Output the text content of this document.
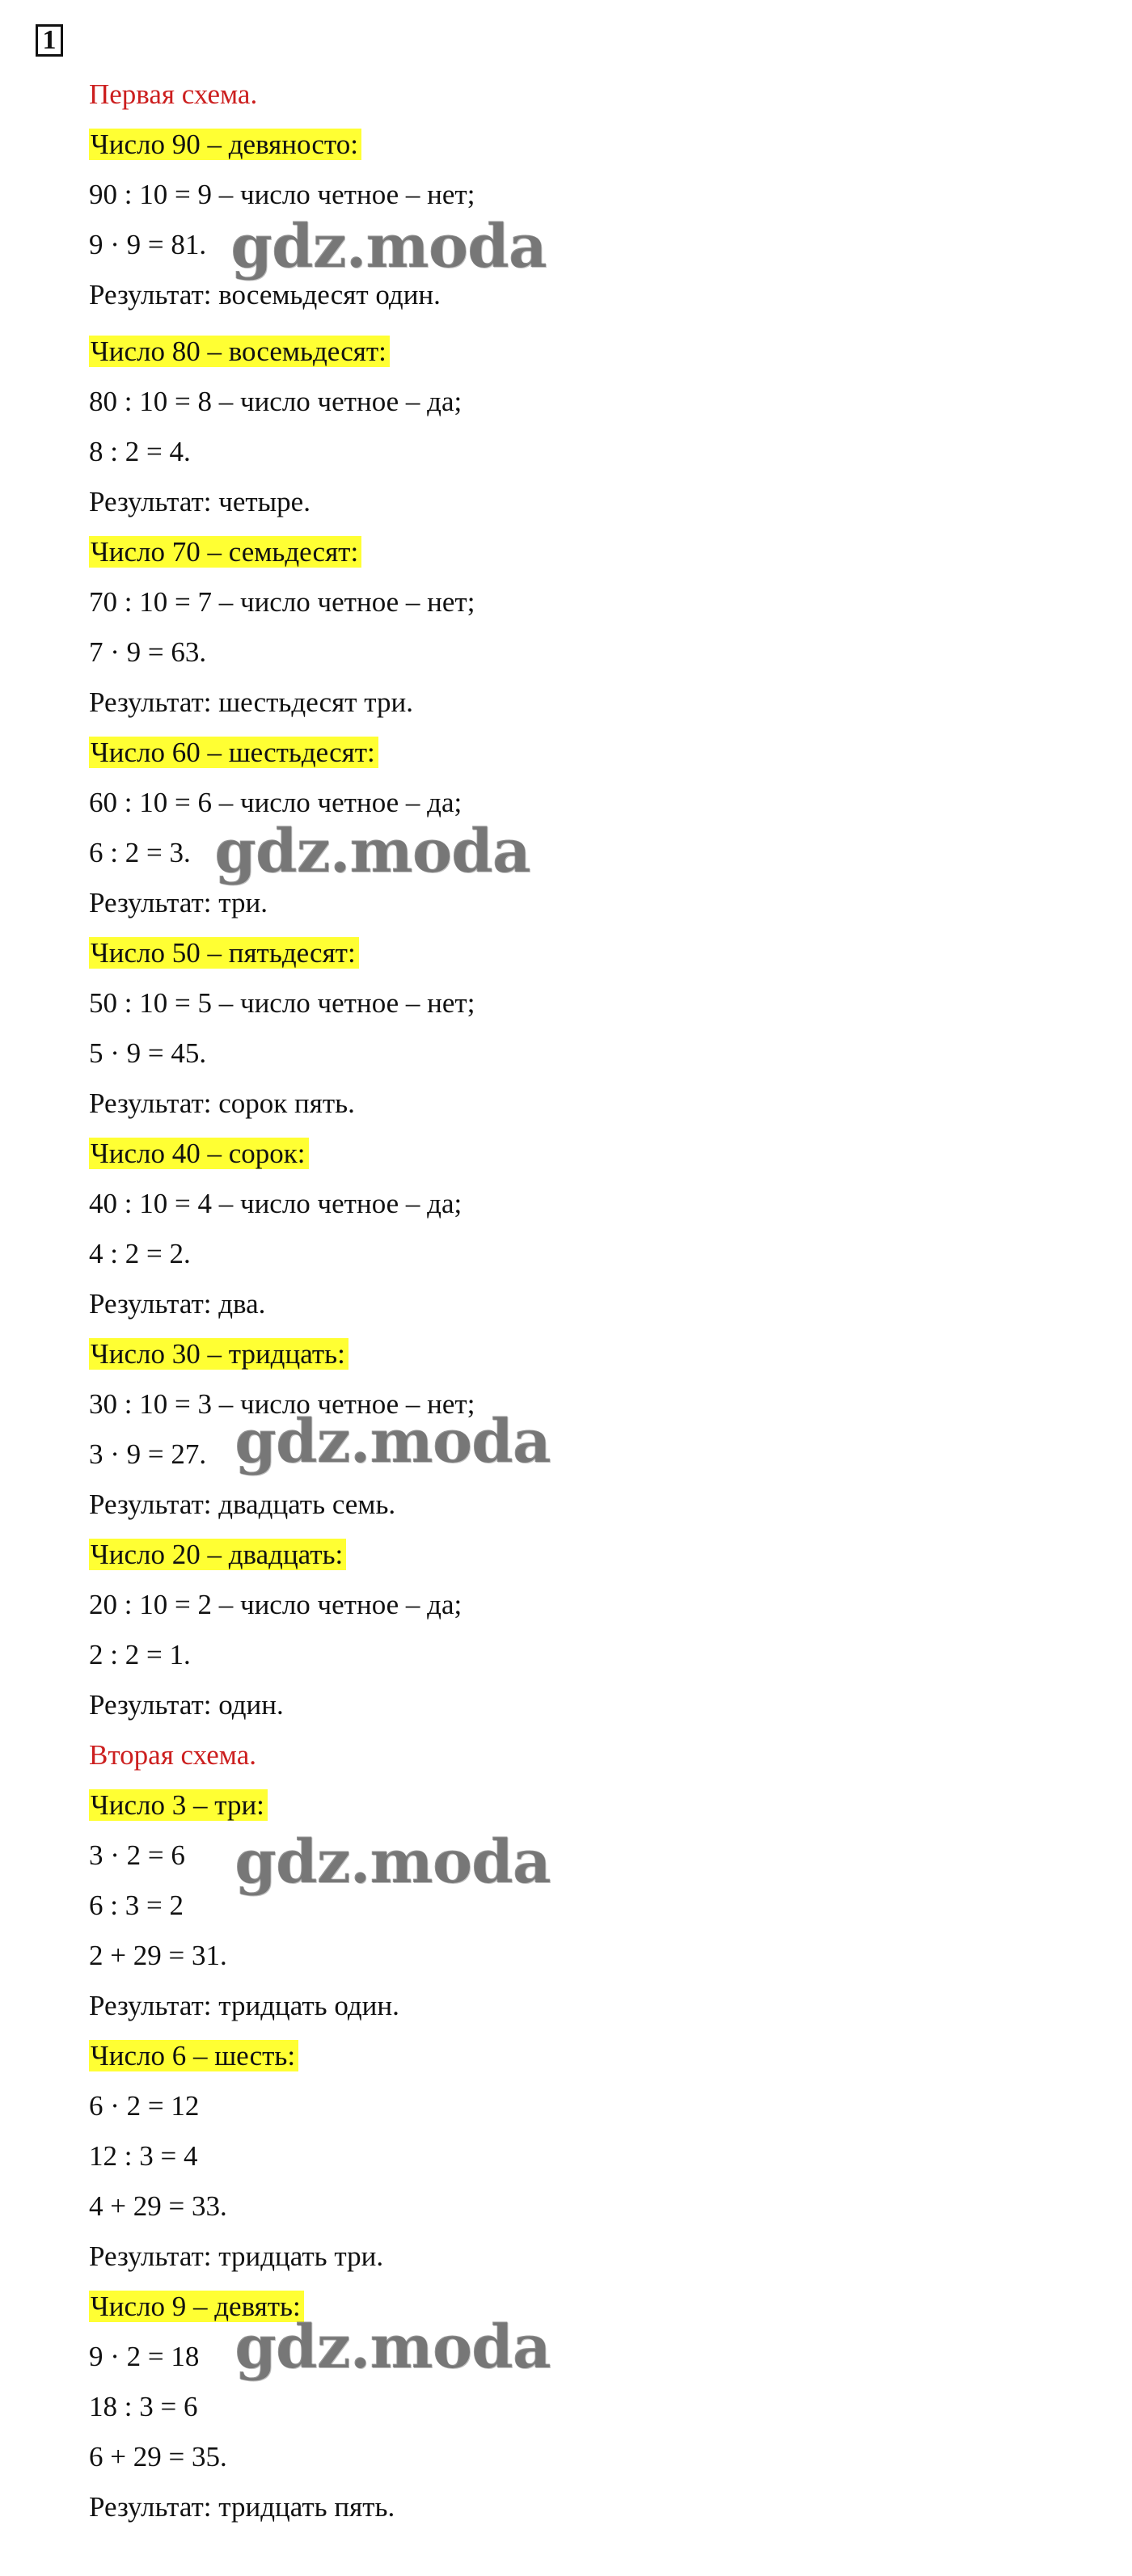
1
Первая схема.
Число 90 – девяносто:
90 : 10 = 9 – число четное – нет;
9 · 9 = 81.
Результат: восемьдесят один.
Число 80 – восемьдесят:
80 : 10 = 8 – число четное – да;
8 : 2 = 4.
Результат: четыре.
Число 70 – семьдесят:
70 : 10 = 7 – число четное – нет;
7 · 9 = 63.
Результат: шестьдесят три.
Число 60 – шестьдесят:
60 : 10 = 6 – число четное – да;
6 : 2 = 3.
Результат: три.
Число 50 – пятьдесят:
50 : 10 = 5 – число четное – нет;
5 · 9 = 45.
Результат: сорок пять.
Число 40 – сорок:
40 : 10 = 4 – число четное – да;
4 : 2 = 2.
Результат: два.
Число 30 – тридцать:
30 : 10 = 3 – число четное – нет;
3 · 9 = 27.
Результат: двадцать семь.
Число 20 – двадцать:
20 : 10 = 2 – число четное – да;
2 : 2 = 1.
Результат: один.
Вторая схема.
Число 3 – три:
3 · 2 = 6
6 : 3 = 2
2 + 29 = 31.
Результат: тридцать один.
Число 6 – шесть:
6 · 2 = 12
12 : 3 = 4
4 + 29 = 33.
Результат: тридцать три.
Число 9 – девять:
9 · 2 = 18
18 : 3 = 6
6 + 29 = 35.
Результат: тридцать пять.
gdz.moda
gdz.moda
gdz.moda
gdz.moda
gdz.moda
